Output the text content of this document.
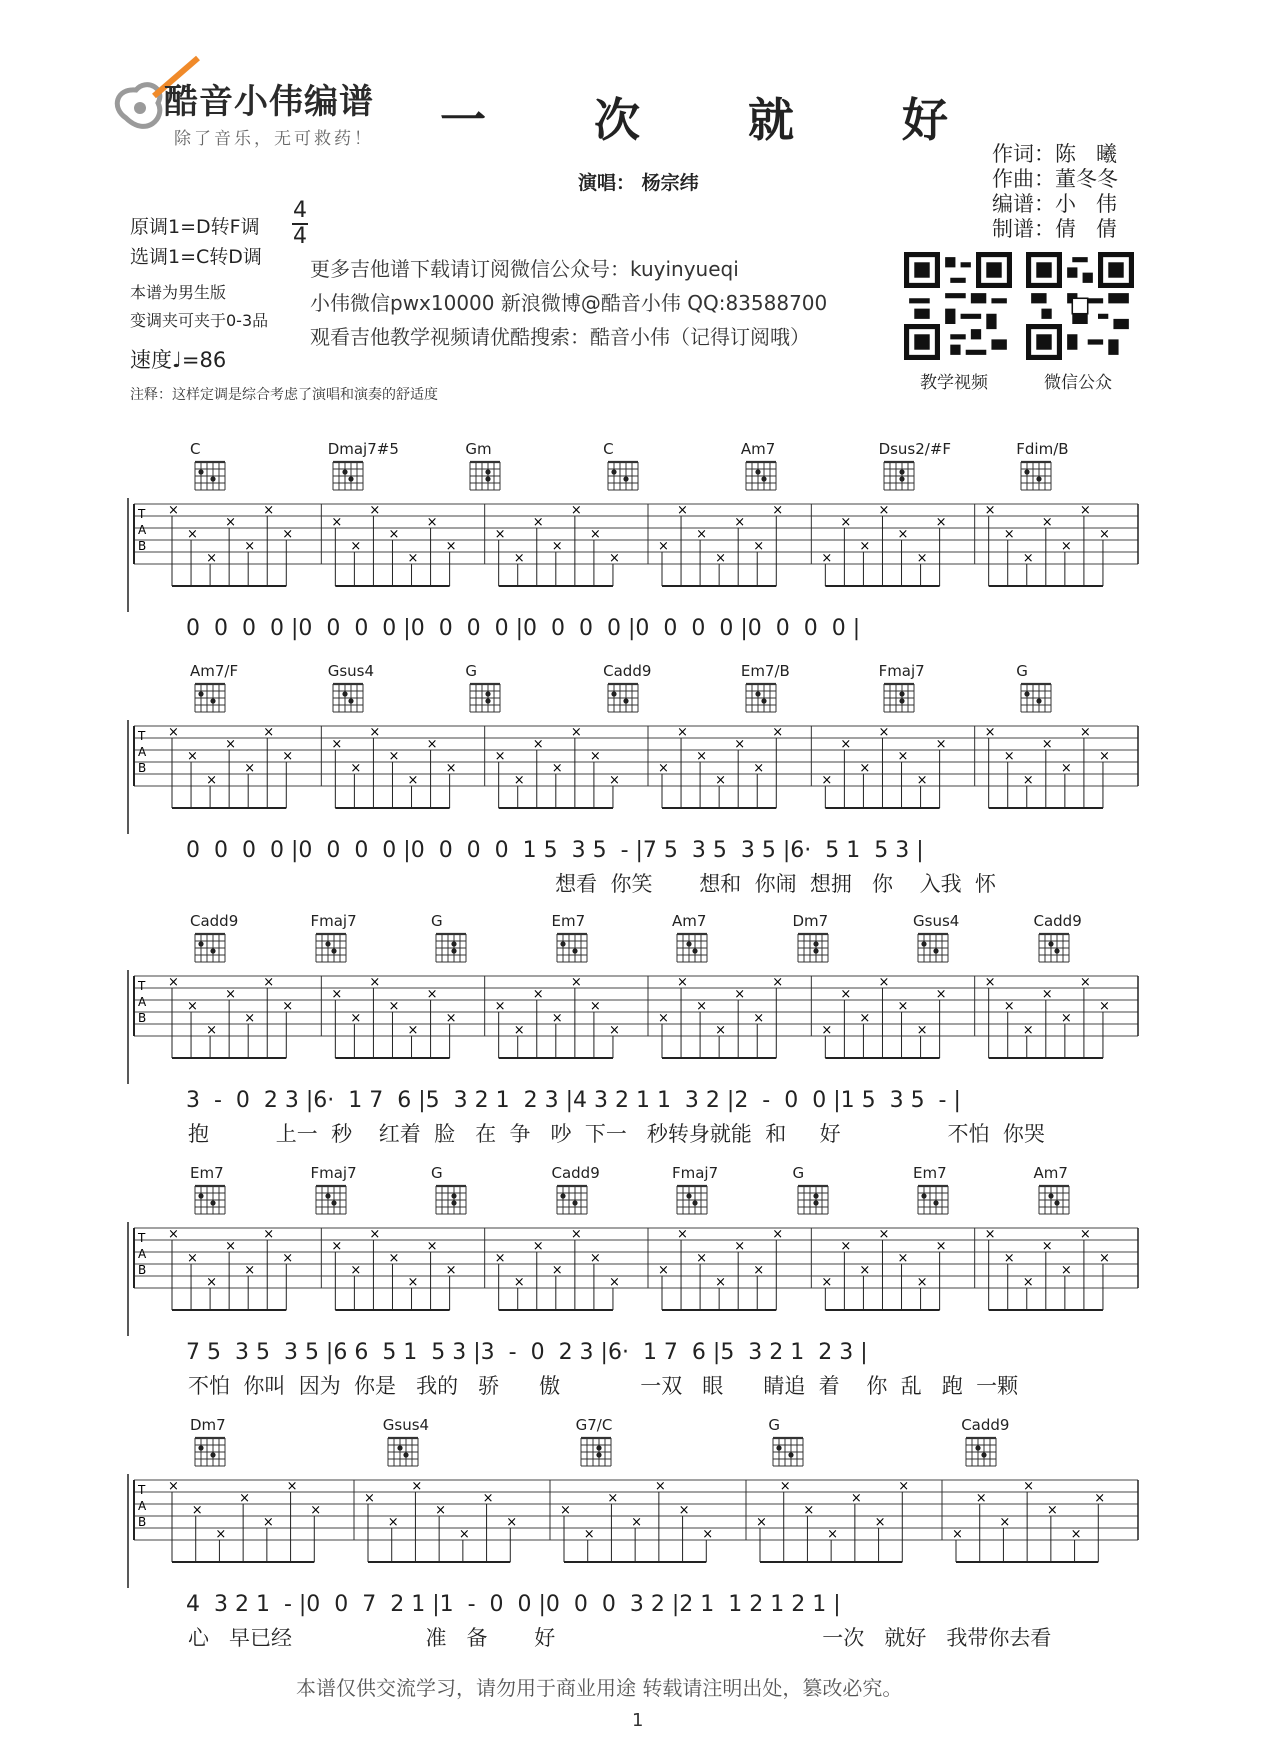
酷音小伟编谱
除了音乐，无可救药！ 一 次 就 好
演唱： 杨宗纬
作词：陈   曦
作曲：董冬冬
编谱：小   伟
制谱：倩   倩
原调1=D转F调
选调1=C转D调
4
4
本谱为男生版
变调夹可夹于0-3品
速度♩=86
更多吉他谱下载请订阅微信公众号：kuyinyueqi
小伟微信pwx10000 新浪微博@酷音小伟 QQ:83588700
观看吉他教学视频请优酷搜索：酷音小伟（记得订阅哦）
教学视频	微信公众
注释：这样定调是综合考虑了演唱和演奏的舒适度
C	Dmaj7#5	Gm	C	Am7	Dsus2/#F	Fdim/B
T
A
B
×
×
×
×
×
×
×
×
×
×
×
×
×
×
×
×
×
×
×
×
×
×
×
×
×
×
×
×
×
×
×
×
×
×
×
×
×
×
×
×
×
×
0  0  0  0 |0  0  0  0 |0  0  0  0 |0  0  0  0 |0  0  0  0 |0  0  0  0 |
Am7/F	Gsus4	G	Cadd9	Em7/B	Fmaj7	G
T
A
B
×
×
×
×
×
×
×
×
×
×
×
×
×
×
×
×
×
×
×
×
×
×
×
×
×
×
×
×
×
×
×
×
×
×
×
×
×
×
×
×
×
×
0  0  0  0 |0  0  0  0 |0  0  0  0  1 5  3 5  - |7 5  3 5  3 5 |6·  5 1  5 3 |
想看  你笑       想和  你闹  想拥   你    入我  怀
Cadd9	Fmaj7	G	Em7	Am7	Dm7	Gsus4	Cadd9
T
A
B
×
×
×
×
×
×
×
×
×
×
×
×
×
×
×
×
×
×
×
×
×
×
×
×
×
×
×
×
×
×
×
×
×
×
×
×
×
×
×
×
×
×
3  -  0  2 3 |6·  1 7  6 |5  3 2 1  2 3 |4 3 2 1 1  3 2 |2  -  0  0 |1 5  3 5  - |
抱          上一  秒    红着  脸   在  争   吵  下一   秒转身就能  和     好                不怕  你哭
Em7	Fmaj7	G	Cadd9	Fmaj7	G	Em7	Am7
T
A
B
×
×
×
×
×
×
×
×
×
×
×
×
×
×
×
×
×
×
×
×
×
×
×
×
×
×
×
×
×
×
×
×
×
×
×
×
×
×
×
×
×
×
7 5  3 5  3 5 |6 6  5 1  5 3 |3  -  0  2 3 |6·  1 7  6 |5  3 2 1  2 3 |
不怕  你叫  因为  你是   我的   骄      傲            一双   眼      睛追  着    你  乱   跑  一颗
Dm7	Gsus4	G7/C	G	Cadd9
T
A
B
×
×
×
×
×
×
×
×
×
×
×
×
×
×
×
×
×
×
×
×
×
×
×
×
×
×
×
×
×
×
×
×
×
×
×
4  3 2 1  - |0  0  7  2 1 |1  -  0  0 |0  0  0  3 2 |2 1  1 2 1 2 1 |
心   早已经                    准   备       好                                        一次   就好   我带你去看
本谱仅供交流学习，请勿用于商业用途 转载请注明出处，篡改必究。
1
